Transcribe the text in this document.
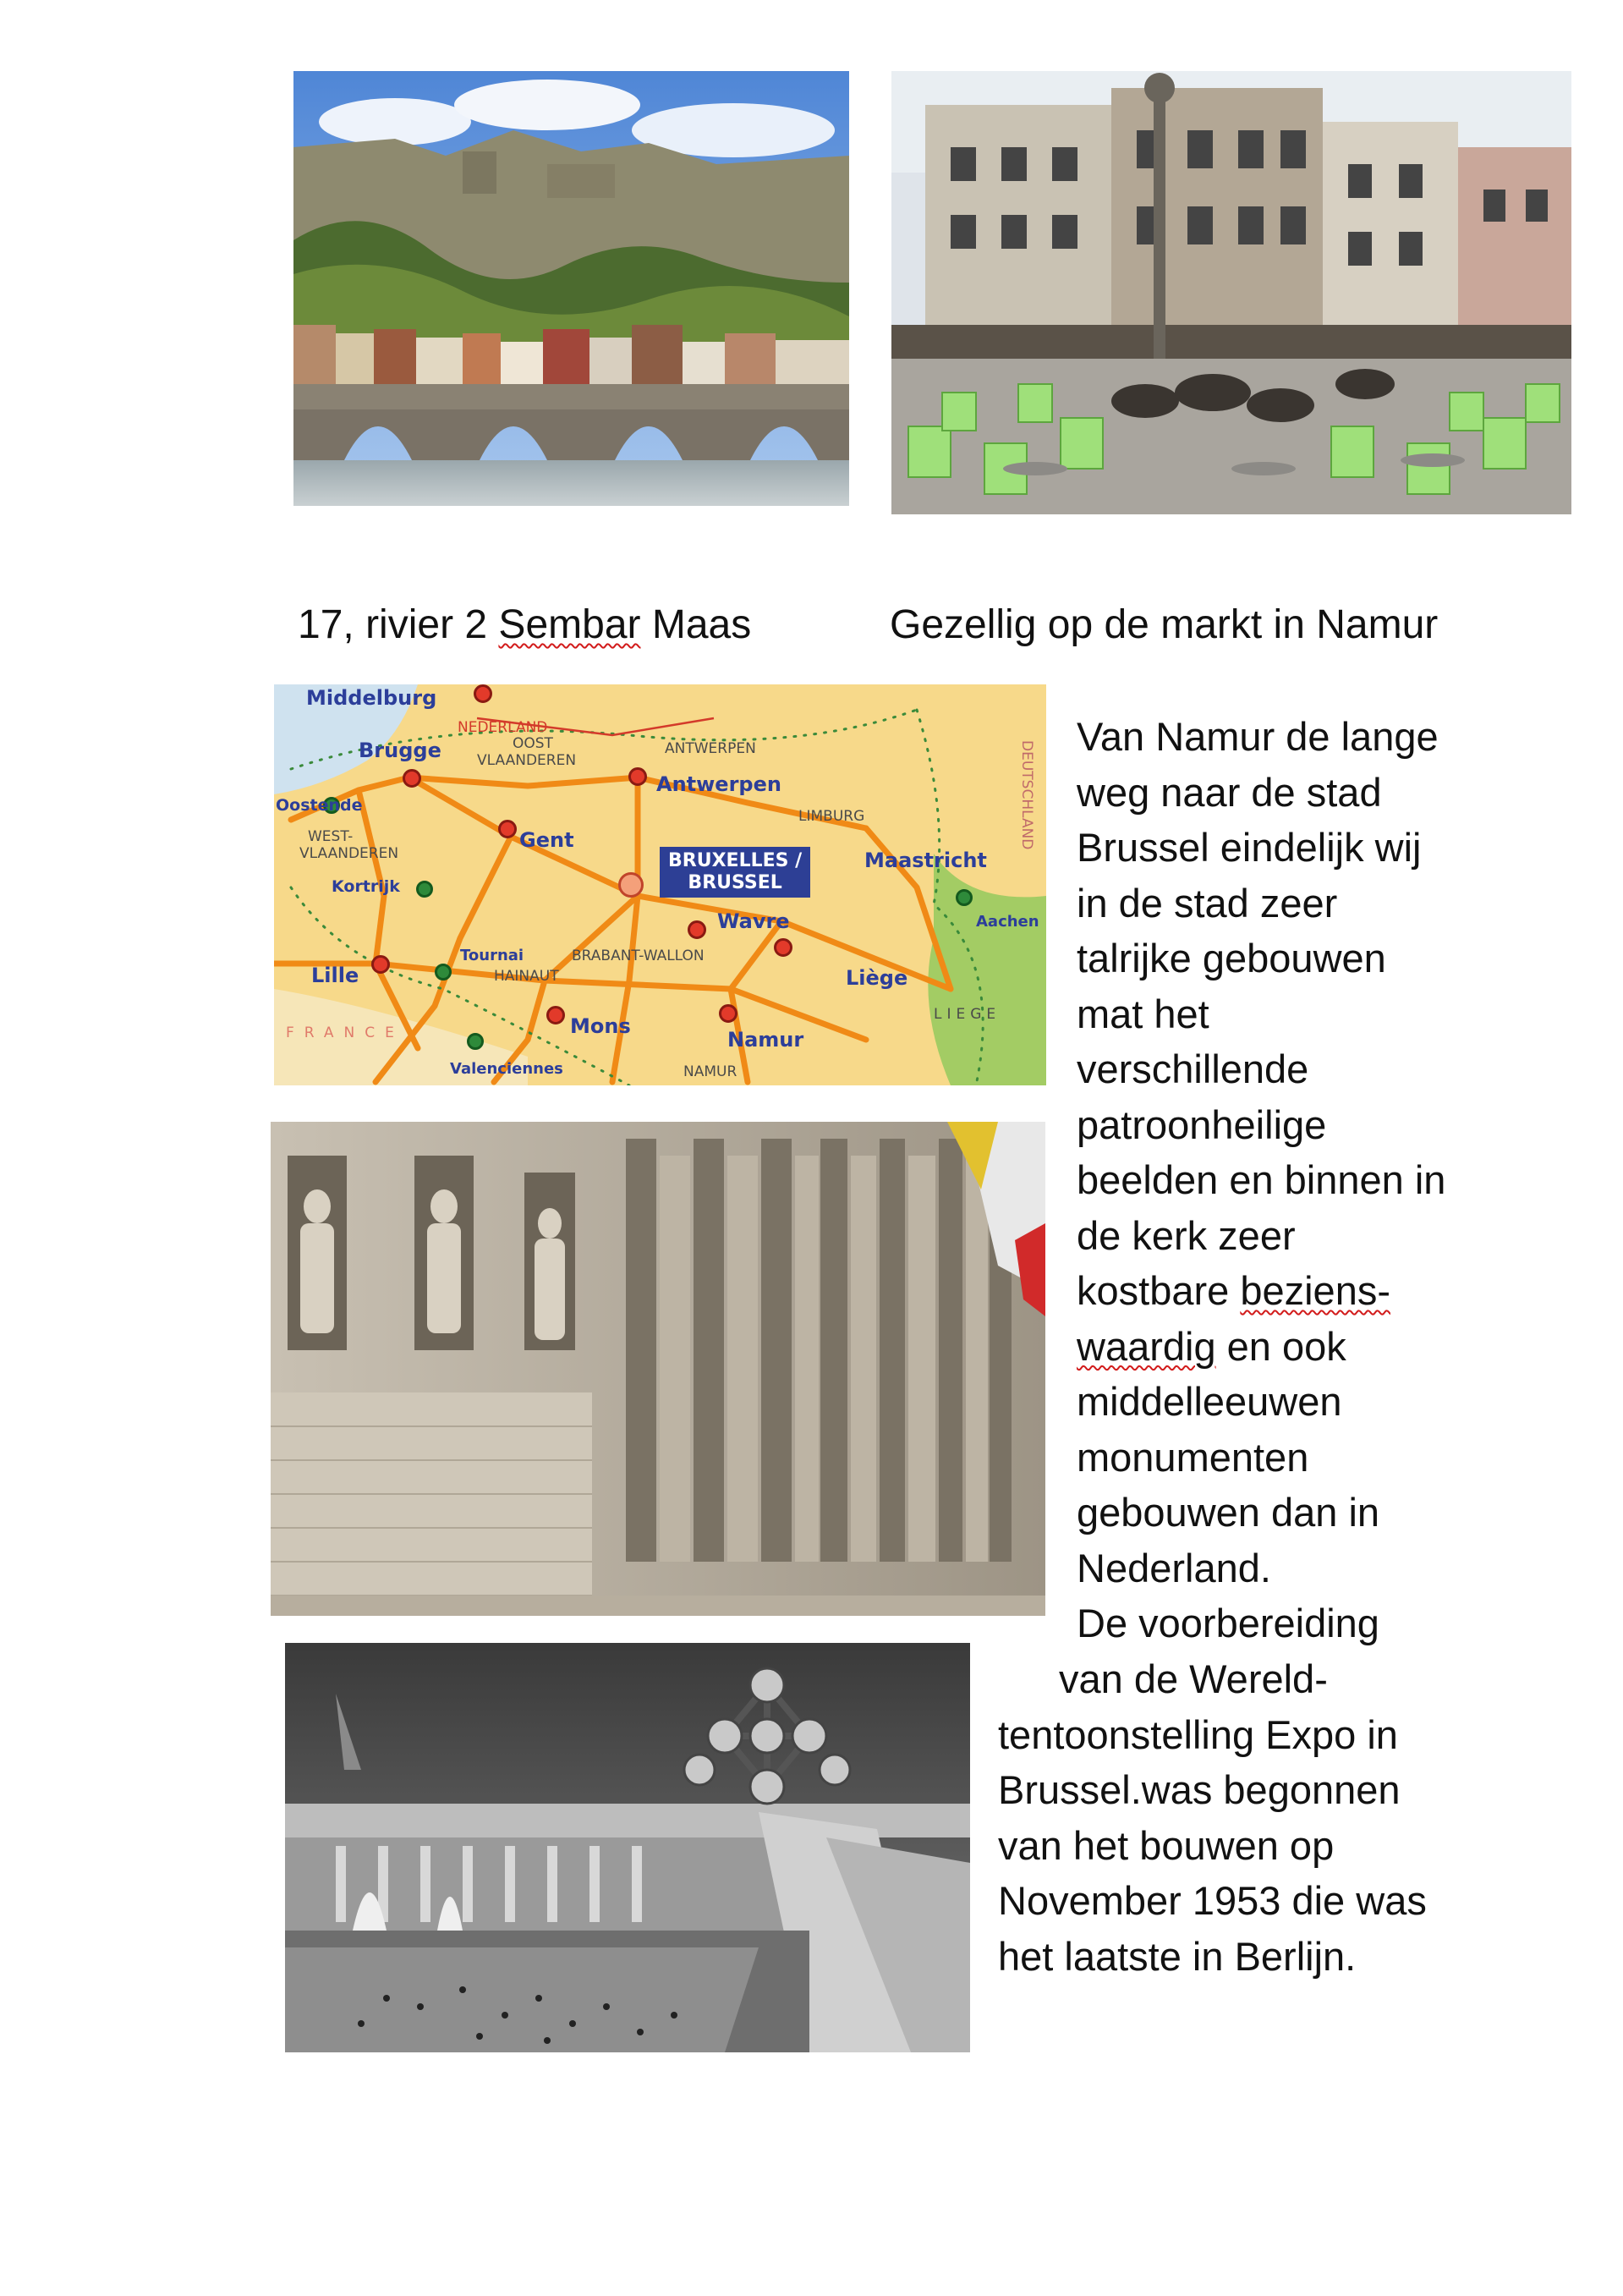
17, rivier 2 Sembar Maas	Gezellig op de markt in Namur
Middelburg
NEDERLAND
Brugge	OOST
VLAANDEREN
ANTWERPEN
Antwerpen
Oostende
WEST-
VLAANDEREN
Gent
LIMBURG	DEUTSCHLAND
BRUXELLES /
BRUSSEL
Maastricht
Kortrijk
Wavre	Aachen
Lille
Tournai
HAINAUT
BRABANT-WALLON
Liège
LIEGE
Mons
FRANCE	Namur
Valenciennes	NAMUR
Van Namur de lange
weg naar de stad
Brussel eindelijk wij
in de stad zeer
talrijke gebouwen
mat het
verschillende
patroonheilige
beelden en binnen in
de kerk zeer
kostbare beziens-
waardig en ook
middelleeuwen
monumenten
gebouwen dan in
Nederland.
De voorbereiding
van de Wereld-
tentoonstelling Expo in
Brussel.was begonnen
van het bouwen op
November 1953 die was
het laatste in Berlijn.
